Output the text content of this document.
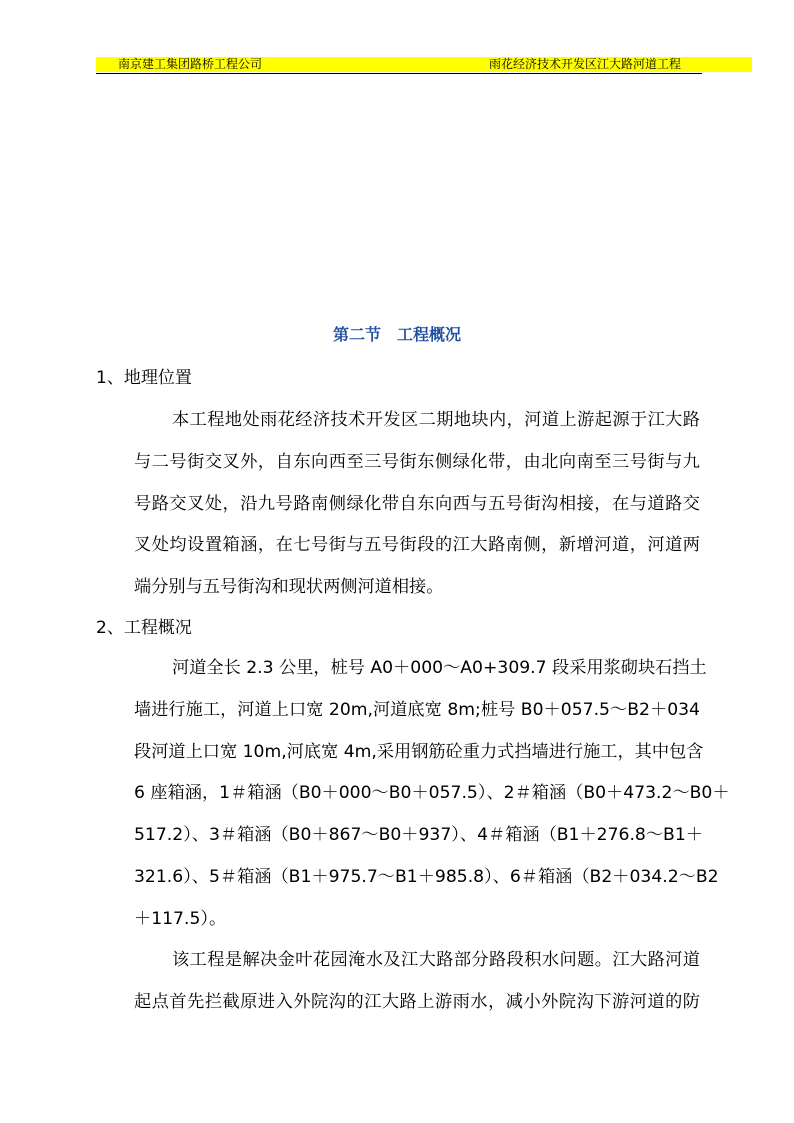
南京建工集团路桥工程公司	雨花经济技术开发区江大路河道工程
第二节　工程概况
1、地理位置
本工程地处雨花经济技术开发区二期地块内，河道上游起源于江大路
与二号街交叉外，自东向西至三号街东侧绿化带，由北向南至三号街与九
号路交叉处，沿九号路南侧绿化带自东向西与五号街沟相接，在与道路交
叉处均设置箱涵，在七号街与五号街段的江大路南侧，新增河道，河道两
端分别与五号街沟和现状两侧河道相接。
2、工程概况
河道全长 2.3 公里，桩号 A0＋000～A0+309.7 段采用浆砌块石挡土
墙进行施工，河道上口宽 20m,河道底宽 8m;桩号 B0＋057.5～B2＋034
段河道上口宽 10m,河底宽 4m,采用钢筋砼重力式挡墙进行施工，其中包含
6 座箱涵，1＃箱涵（B0＋000～B0＋057.5）、2＃箱涵（B0＋473.2～B0＋
517.2）、3＃箱涵（B0＋867～B0＋937）、4＃箱涵（B1＋276.8～B1＋
321.6）、5＃箱涵（B1＋975.7～B1＋985.8）、6＃箱涵（B2＋034.2～B2
＋117.5）。
该工程是解决金叶花园淹水及江大路部分路段积水问题。江大路河道
起点首先拦截原进入外院沟的江大路上游雨水，减小外院沟下游河道的防
